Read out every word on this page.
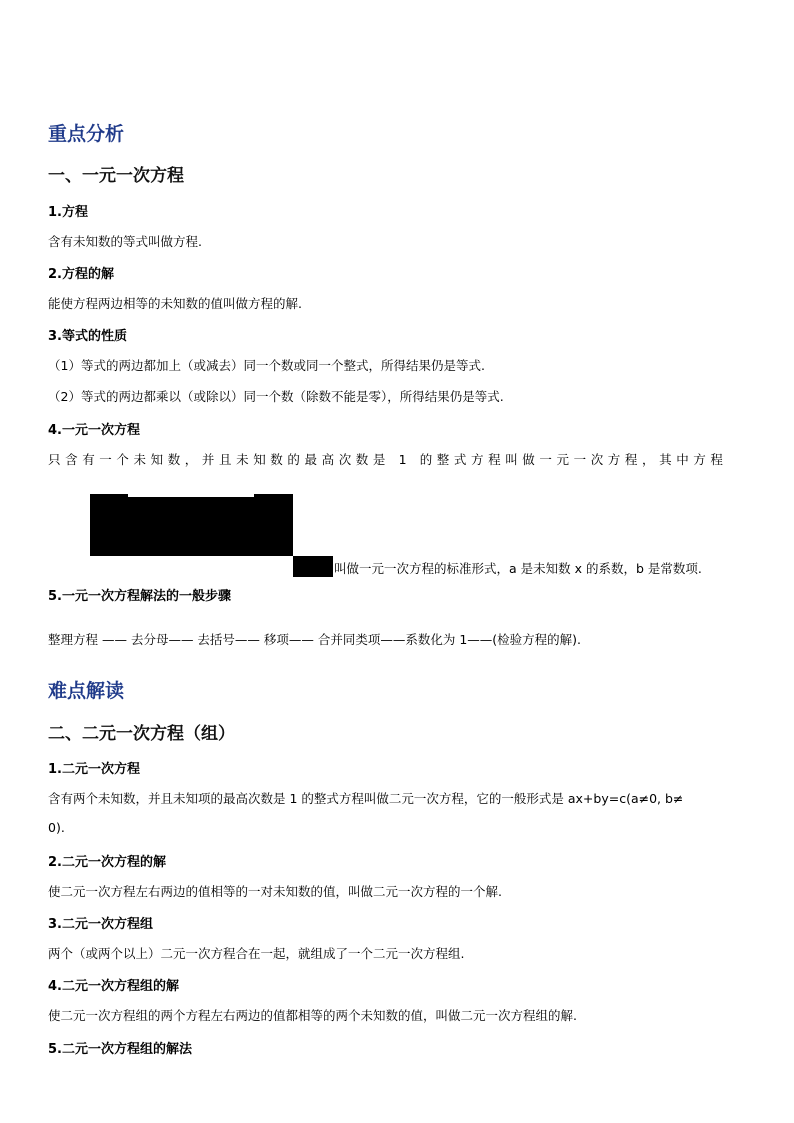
重点分析
一、一元一次方程
1.方程
含有未知数的等式叫做方程.
2.方程的解
能使方程两边相等的未知数的值叫做方程的解.
3.等式的性质
（1）等式的两边都加上（或减去）同一个数或同一个整式，所得结果仍是等式.
（2）等式的两边都乘以（或除以）同一个数（除数不能是零），所得结果仍是等式.
4.一元一次方程
只含有一个未知数，并且未知数的最高次数是 1 的整式方程叫做一元一次方程，其中方程
叫做一元一次方程的标准形式，a 是未知数 x 的系数，b 是常数项.
5.一元一次方程解法的一般步骤
整理方程 —— 去分母—— 去括号—— 移项—— 合并同类项——系数化为 1——(检验方程的解).
难点解读
二、二元一次方程（组）
1.二元一次方程
含有两个未知数，并且未知项的最高次数是 1 的整式方程叫做二元一次方程，它的一般形式是 ax+by=c(a≠0, b≠
0).
2.二元一次方程的解
使二元一次方程左右两边的值相等的一对未知数的值，叫做二元一次方程的一个解.
3.二元一次方程组
两个（或两个以上）二元一次方程合在一起，就组成了一个二元一次方程组.
4.二元一次方程组的解
使二元一次方程组的两个方程左右两边的值都相等的两个未知数的值，叫做二元一次方程组的解.
5.二元一次方程组的解法
